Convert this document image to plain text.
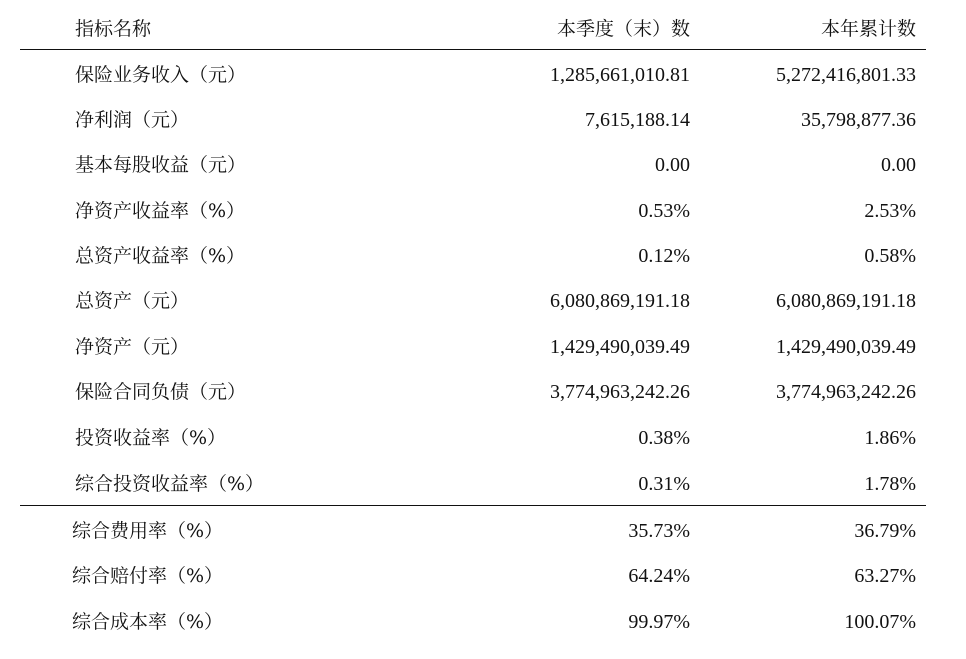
指标名称	本季度（末）数	本年累计数
保险业务收入（元）	1,285,661,010.81	5,272,416,801.33
净利润（元）	7,615,188.14	35,798,877.36
基本每股收益（元）	0.00	0.00
净资产收益率（%）	0.53%	2.53%
总资产收益率（%）	0.12%	0.58%
总资产（元）	6,080,869,191.18	6,080,869,191.18
净资产（元）	1,429,490,039.49	1,429,490,039.49
保险合同负债（元）	3,774,963,242.26	3,774,963,242.26
投资收益率（%）	0.38%	1.86%
综合投资收益率（%）	0.31%	1.78%
综合费用率（%）	35.73%	36.79%
综合赔付率（%）	64.24%	63.27%
综合成本率（%）	99.97%	100.07%
